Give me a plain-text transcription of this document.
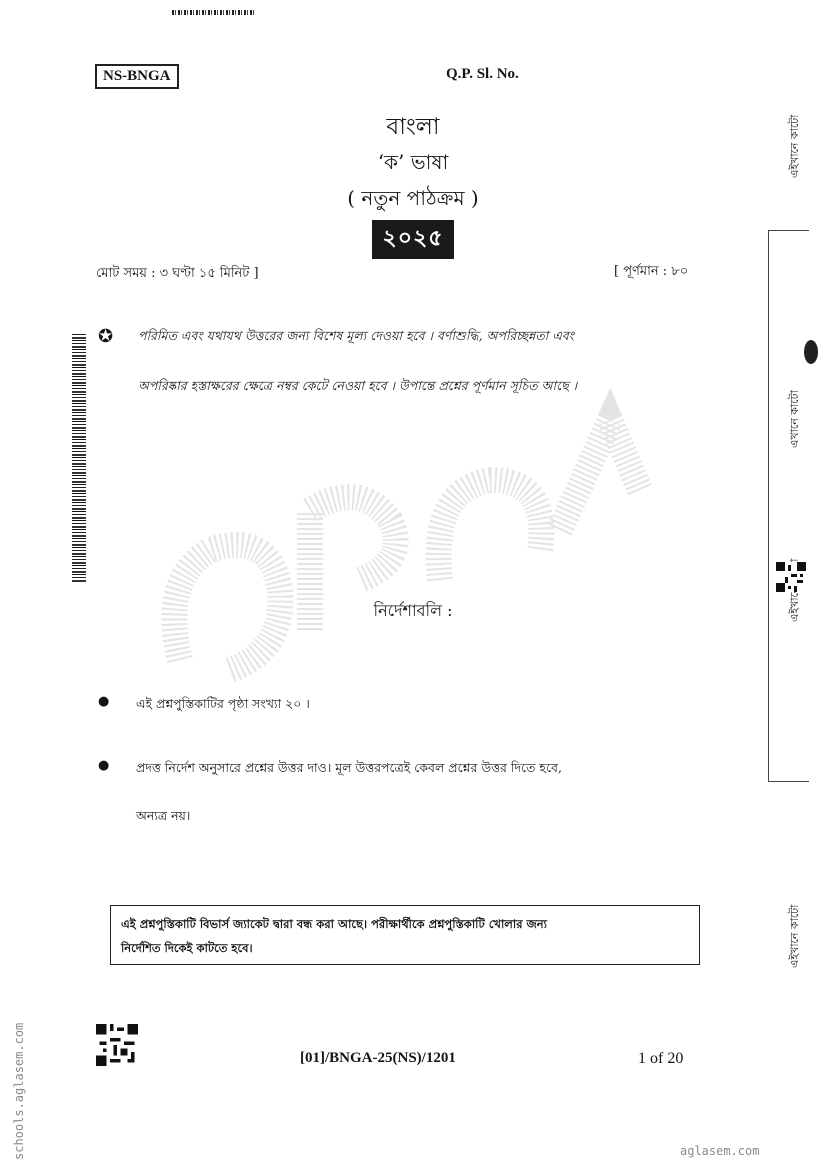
NS-BNGA	Q.P. Sl. No.
বাংলা
‘ক’ ভাষা
( নতুন পাঠক্রম )
২০২৫
মোট সময় : ৩ ঘণ্টা ১৫ মিনিট ]	[ পূর্ণমান : ৮০
✪ পরিমিত এবং যথাযথ উত্তরের জন্য বিশেষ মূল্য দেওয়া হবে । বর্ণাশুদ্ধি, অপরিচ্ছন্নতা এবং
অপরিষ্কার হস্তাক্ষরের ক্ষেত্রে নম্বর কেটে নেওয়া হবে । উপান্তে প্রশ্নের পূর্ণমান সূচিত আছে ।
নির্দেশাবলি :
● এই প্রশ্নপুস্তিকাটির পৃষ্ঠা সংখ্যা ২০ ।
● প্রদত্ত নির্দেশ অনুসারে প্রশ্নের উত্তর দাও। মূল উত্তরপত্রেই কেবল প্রশ্নের উত্তর দিতে হবে,
অন্যত্র নয়।
এই প্রশ্নপুস্তিকাটি বিভার্স জ্যাকেট দ্বারা বন্ধ করা আছে। পরীক্ষার্থীকে প্রশ্নপুস্তিকাটি খোলার জন্য
নির্দেশিত দিকেই কাটতে হবে।
এইখানে কাটো
এখানে কাটো
এইখানে
এইখানে কাটো
[01]/BNGA-25(NS)/1201	1 of 20
schools.aglasem.com	aglasem.com
